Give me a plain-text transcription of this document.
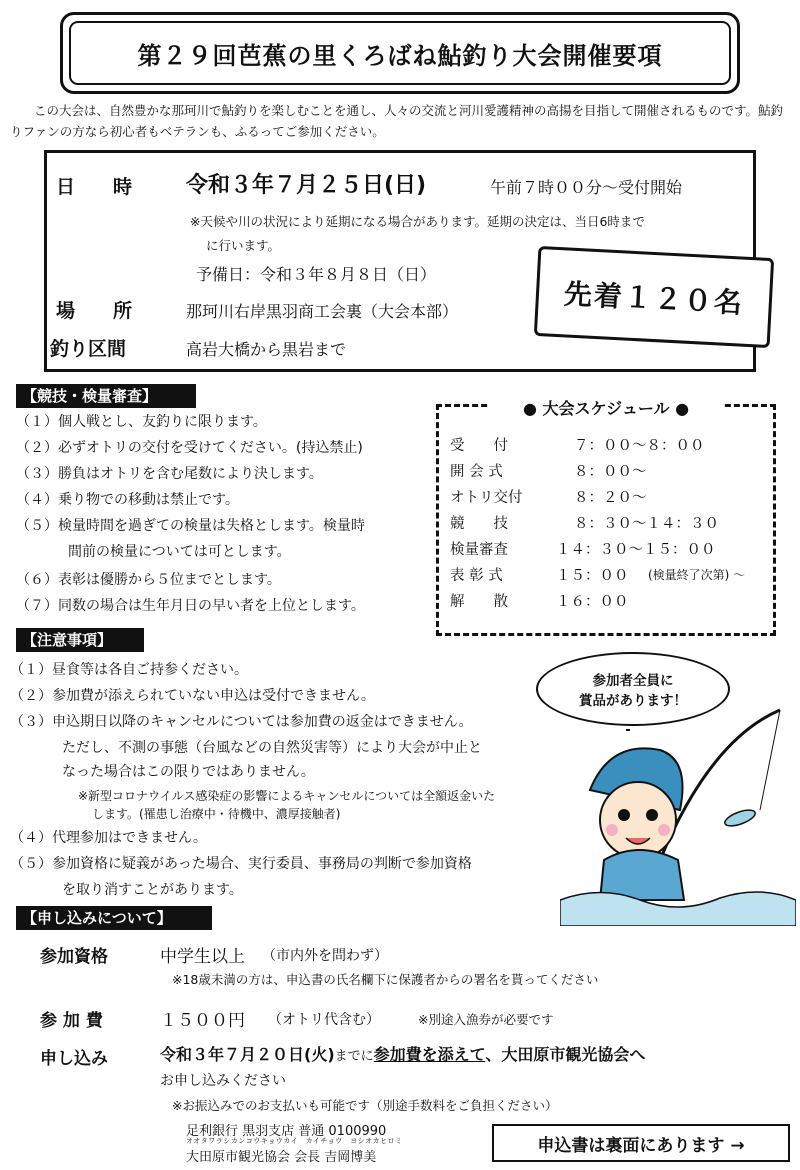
第２９回芭蕉の里くろばね鮎釣り大会開催要項
この大会は、自然豊かな那珂川で鮎釣りを楽しむことを通し、人々の交流と河川愛護精神の高揚を目指して開催されるものです。鮎釣りファンの方なら初心者もベテランも、ふるってご参加ください。
日　　時 令和３年７月２５日(日)	午前７時００分～受付開始
※天候や川の状況により延期になる場合があります。延期の決定は、当日6時まで
に行います。
予備日：令和３年８月８日（日）
場　　所	那珂川右岸黒羽商工会裏（大会本部）
釣り区間	高岩大橋から黒岩まで
先着１２０名
【競技・検量審査】
（１）個人戦とし、友釣りに限ります。
（２）必ずオトリの交付を受けてください。(持込禁止)
（３）勝負はオトリを含む尾数により決します。
（４）乗り物での移動は禁止です。
（５）検量時間を過ぎての検量は失格とします。検量時
間前の検量については可とします。
（６）表彰は優勝から５位までとします。
（７）同数の場合は生年月日の早い者を上位とします。
● 大会スケジュール ●
受　　付	７：００～８：００
開 会 式	８：００～
オトリ交付	８：２０～
競　　技	８：３０～１４：３０
検量審査	１４：３０～１５：００
表 彰 式	１５：００ (検量終了次第) ～
解　　散	１６：００
【注意事項】
（１）昼食等は各自ご持参ください。
（２）参加費が添えられていない申込は受付できません。
（３）申込期日以降のキャンセルについては参加費の返金はできません。
ただし、不測の事態（台風などの自然災害等）により大会が中止と
なった場合はこの限りではありません。
※新型コロナウイルス感染症の影響によるキャンセルについては全額返金いた
します。(罹患し治療中・待機中、濃厚接触者)
（４）代理参加はできません。
（５）参加資格に疑義があった場合、実行委員、事務局の判断で参加資格
を取り消すことがあります。
参加者全員に
賞品があります！
【申し込みについて】
参加資格	中学生以上 （市内外を問わず）
※18歳未満の方は、申込書の氏名欄下に保護者からの署名を貰ってください
参 加 費	１５００円 （オトリ代含む）	※別途入漁券が必要です
申し込み	令和３年７月２０日(火)までに参加費を添えて、大田原市観光協会へ
お申し込みください
※お振込みでのお支払いも可能です（別途手数料をご負担ください）
足利銀行 黒羽支店 普通 0100990
オオタワラシカンコウキョウカイ　カイチョウ　ヨシオカヒロミ
大田原市観光協会 会長 吉岡博美
申込書は裏面にあります →
